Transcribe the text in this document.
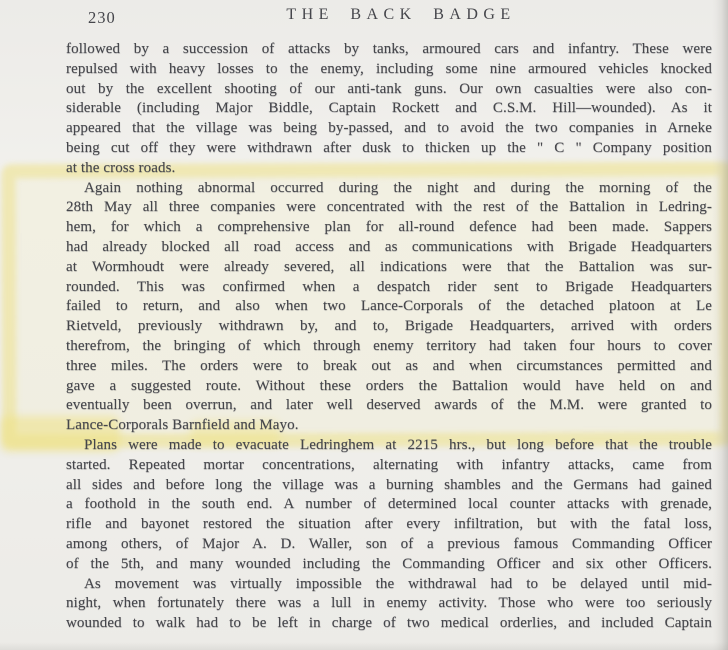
230	THE BACK BADGE
followed by a succession of attacks by tanks, armoured cars and infantry. These were
repulsed with heavy losses to the enemy, including some nine armoured vehicles knocked
out by the excellent shooting of our anti-tank guns. Our own casualties were also con-
siderable (including Major Biddle, Captain Rockett and C.S.M. Hill—wounded). As it
appeared that the village was being by-passed, and to avoid the two companies in Arneke
being cut off they were withdrawn after dusk to thicken up the " C " Company position
at the cross roads.
Again nothing abnormal occurred during the night and during the morning of the
28th May all three companies were concentrated with the rest of the Battalion in Ledring-
hem, for which a comprehensive plan for all-round defence had been made. Sappers
had already blocked all road access and as communications with Brigade Headquarters
at Wormhoudt were already severed, all indications were that the Battalion was sur-
rounded. This was confirmed when a despatch rider sent to Brigade Headquarters
failed to return, and also when two Lance-Corporals of the detached platoon at Le
Rietveld, previously withdrawn by, and to, Brigade Headquarters, arrived with orders
therefrom, the bringing of which through enemy territory had taken four hours to cover
three miles. The orders were to break out as and when circumstances permitted and
gave a suggested route. Without these orders the Battalion would have held on and
eventually been overrun, and later well deserved awards of the M.M. were granted to
Lance-Corporals Barnfield and Mayo.
Plans were made to evacuate Ledringhem at 2215 hrs., but long before that the trouble
started. Repeated mortar concentrations, alternating with infantry attacks, came from
all sides and before long the village was a burning shambles and the Germans had gained
a foothold in the south end. A number of determined local counter attacks with grenade,
rifle and bayonet restored the situation after every infiltration, but with the fatal loss,
among others, of Major A. D. Waller, son of a previous famous Commanding Officer
of the 5th, and many wounded including the Commanding Officer and six other Officers.
As movement was virtually impossible the withdrawal had to be delayed until mid-
night, when fortunately there was a lull in enemy activity. Those who were too seriously
wounded to walk had to be left in charge of two medical orderlies, and included Captain
